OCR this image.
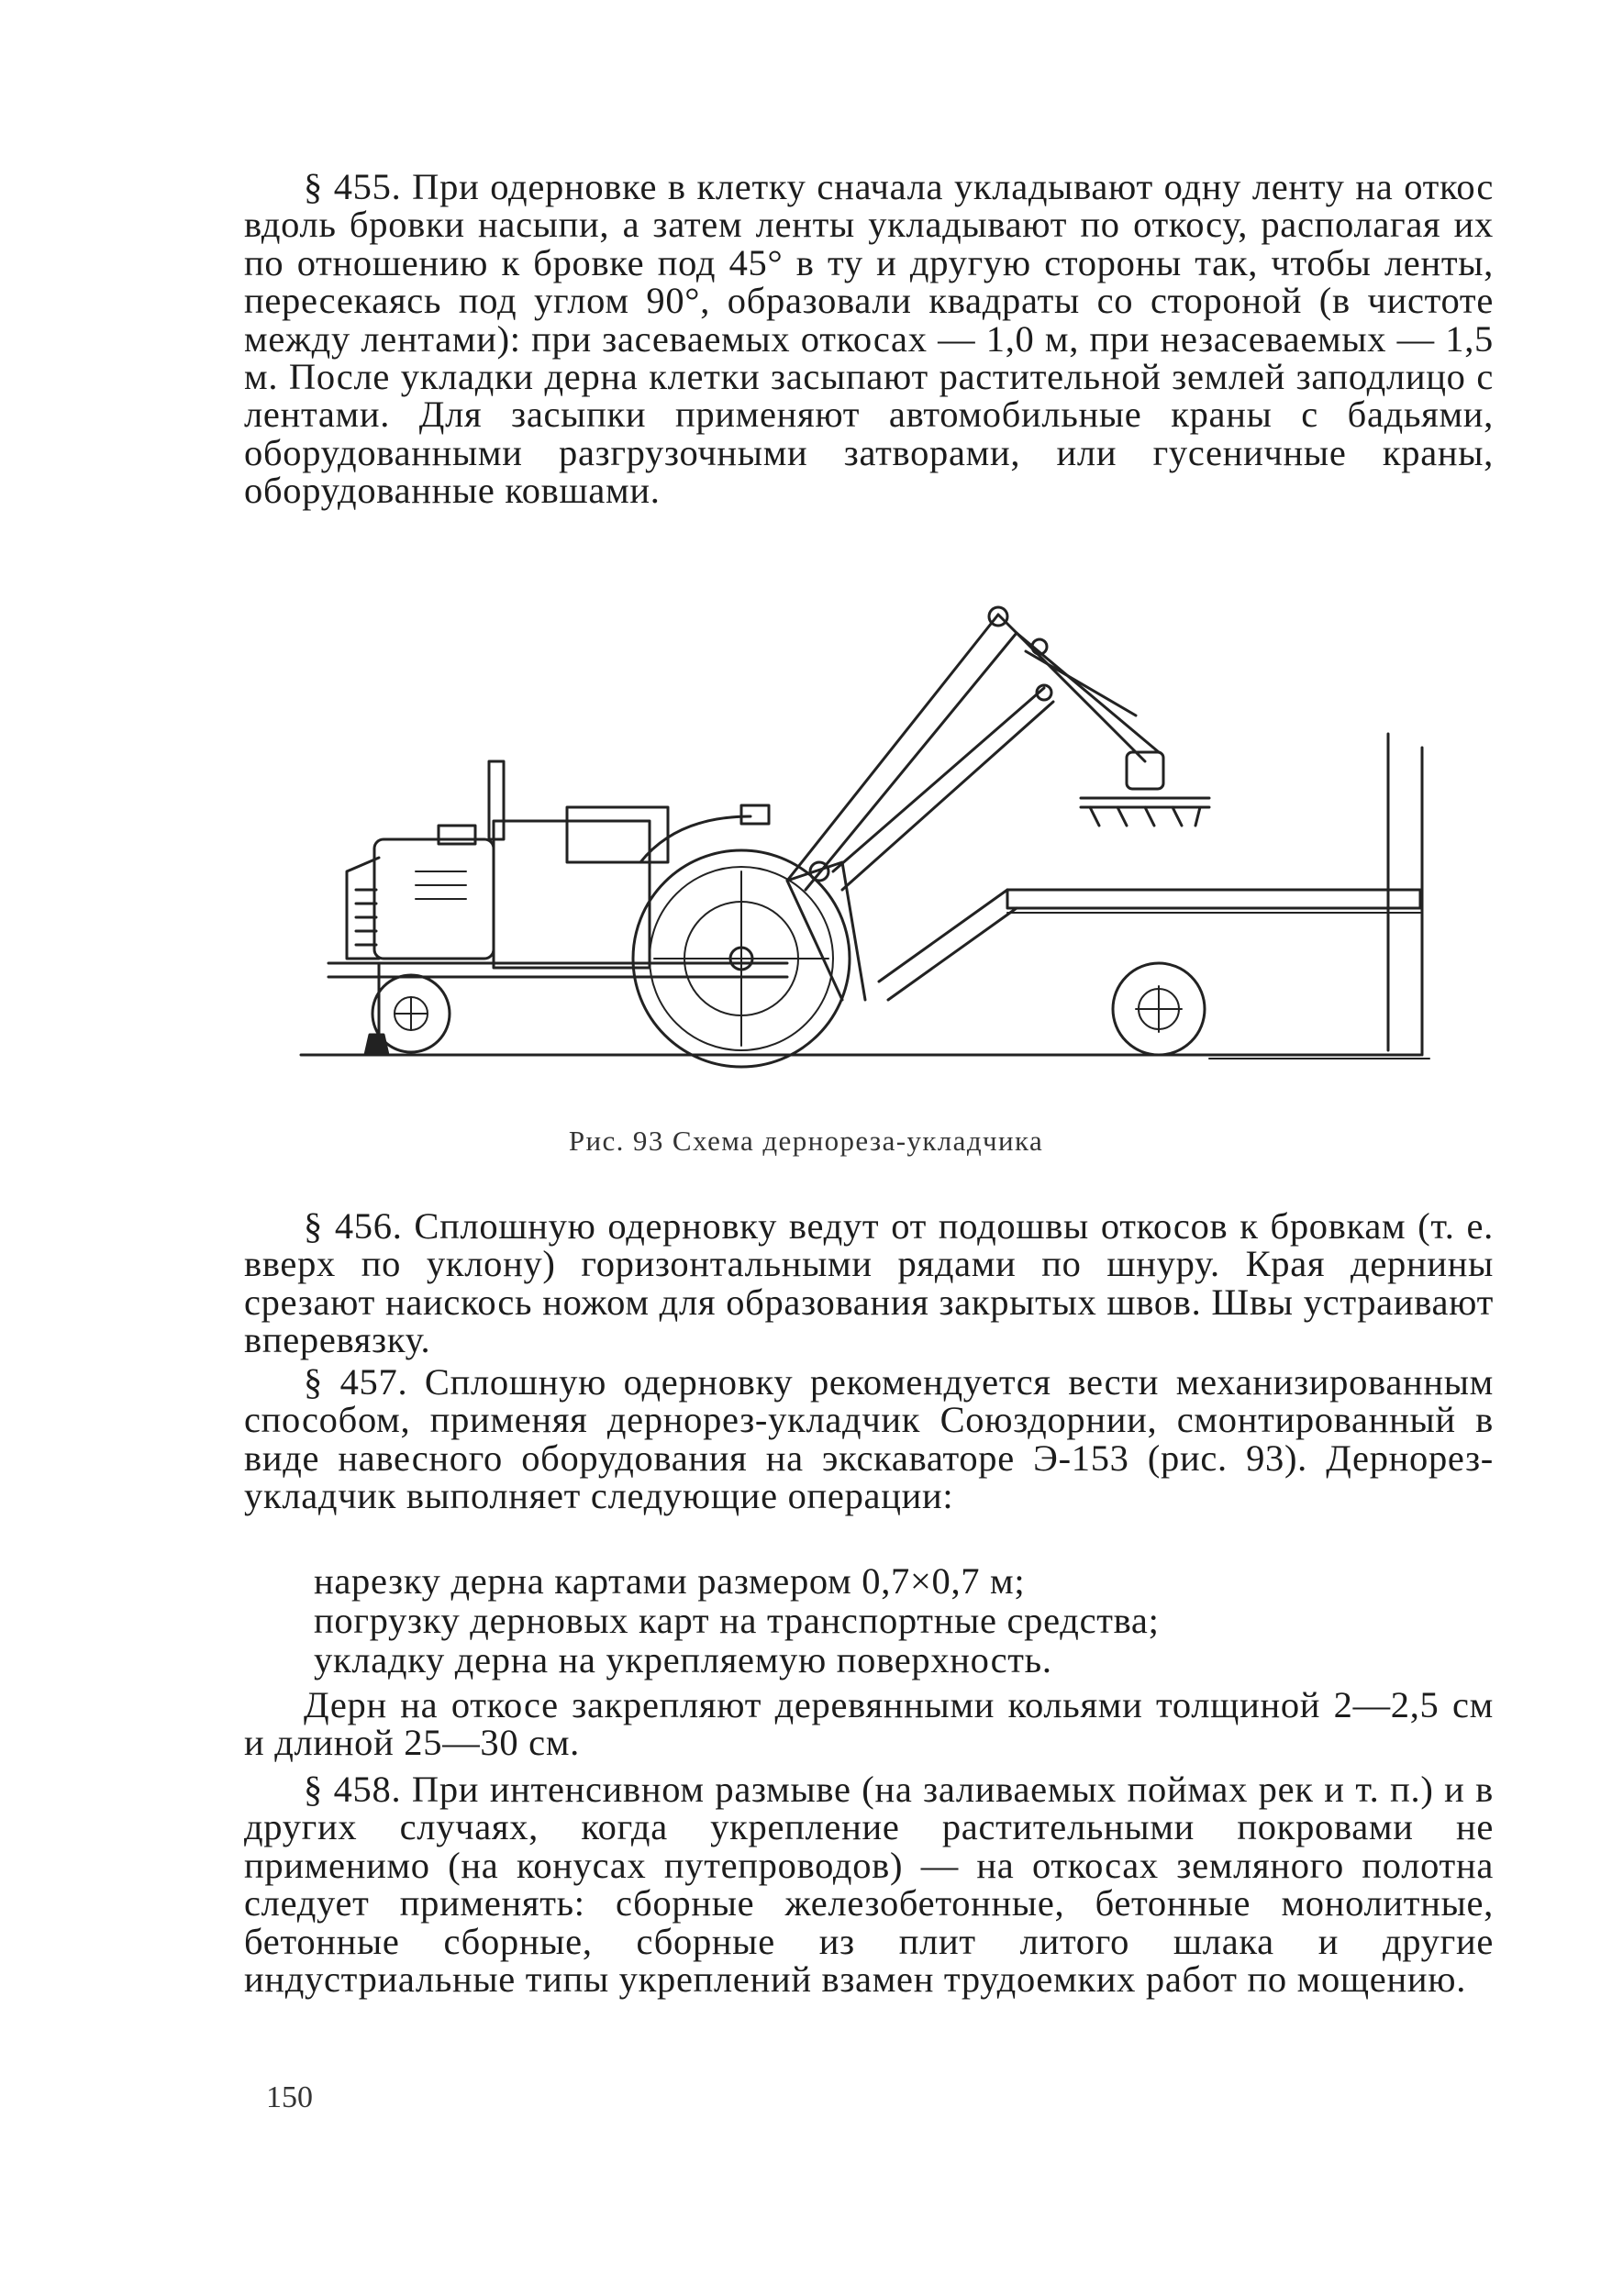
§ 455. При одерновке в клетку сначала укладывают одну ленту на откос вдоль бровки насыпи, а затем ленты укладывают по откосу, располагая их по отношению к бровке под 45° в ту и другую стороны так, чтобы ленты, пересекаясь под углом 90°, образовали квадраты со стороной (в чистоте между лентами): при засеваемых откосах — 1,0 м, при незасеваемых — 1,5 м. После укладки дерна клетки засыпают растительной землей заподлицо с лентами. Для засыпки применяют автомобильные краны с бадьями, оборудованными разгрузочными затворами, или гусеничные краны, оборудованные ковшами.

Рис. 93 Схема дернореза-укладчика

§ 456. Сплошную одерновку ведут от подошвы откосов к бровкам (т. е. вверх по уклону) горизонтальными рядами по шнуру. Края дернины срезают наискось ножом для образования закрытых швов. Швы устраивают вперевязку.

§ 457. Сплошную одерновку рекомендуется вести механизированным способом, применяя дернорез-укладчик Союздорнии, смонтированный в виде навесного оборудования на экскаваторе Э-153 (рис. 93). Дернорез-укладчик выполняет следующие операции:

нарезку дерна картами размером 0,7×0,7 м;
погрузку дерновых карт на транспортные средства;
укладку дерна на укрепляемую поверхность.

Дерн на откосе закрепляют деревянными кольями толщиной 2—2,5 см и длиной 25—30 см.

§ 458. При интенсивном размыве (на заливаемых поймах рек и т. п.) и в других случаях, когда укрепление растительными покровами не применимо (на конусах путепроводов) — на откосах земляного полотна следует применять: сборные железобетонные, бетонные монолитные, бетонные сборные, сборные из плит литого шлака и другие индустриальные типы укреплений взамен трудоемких работ по мощению.

150
